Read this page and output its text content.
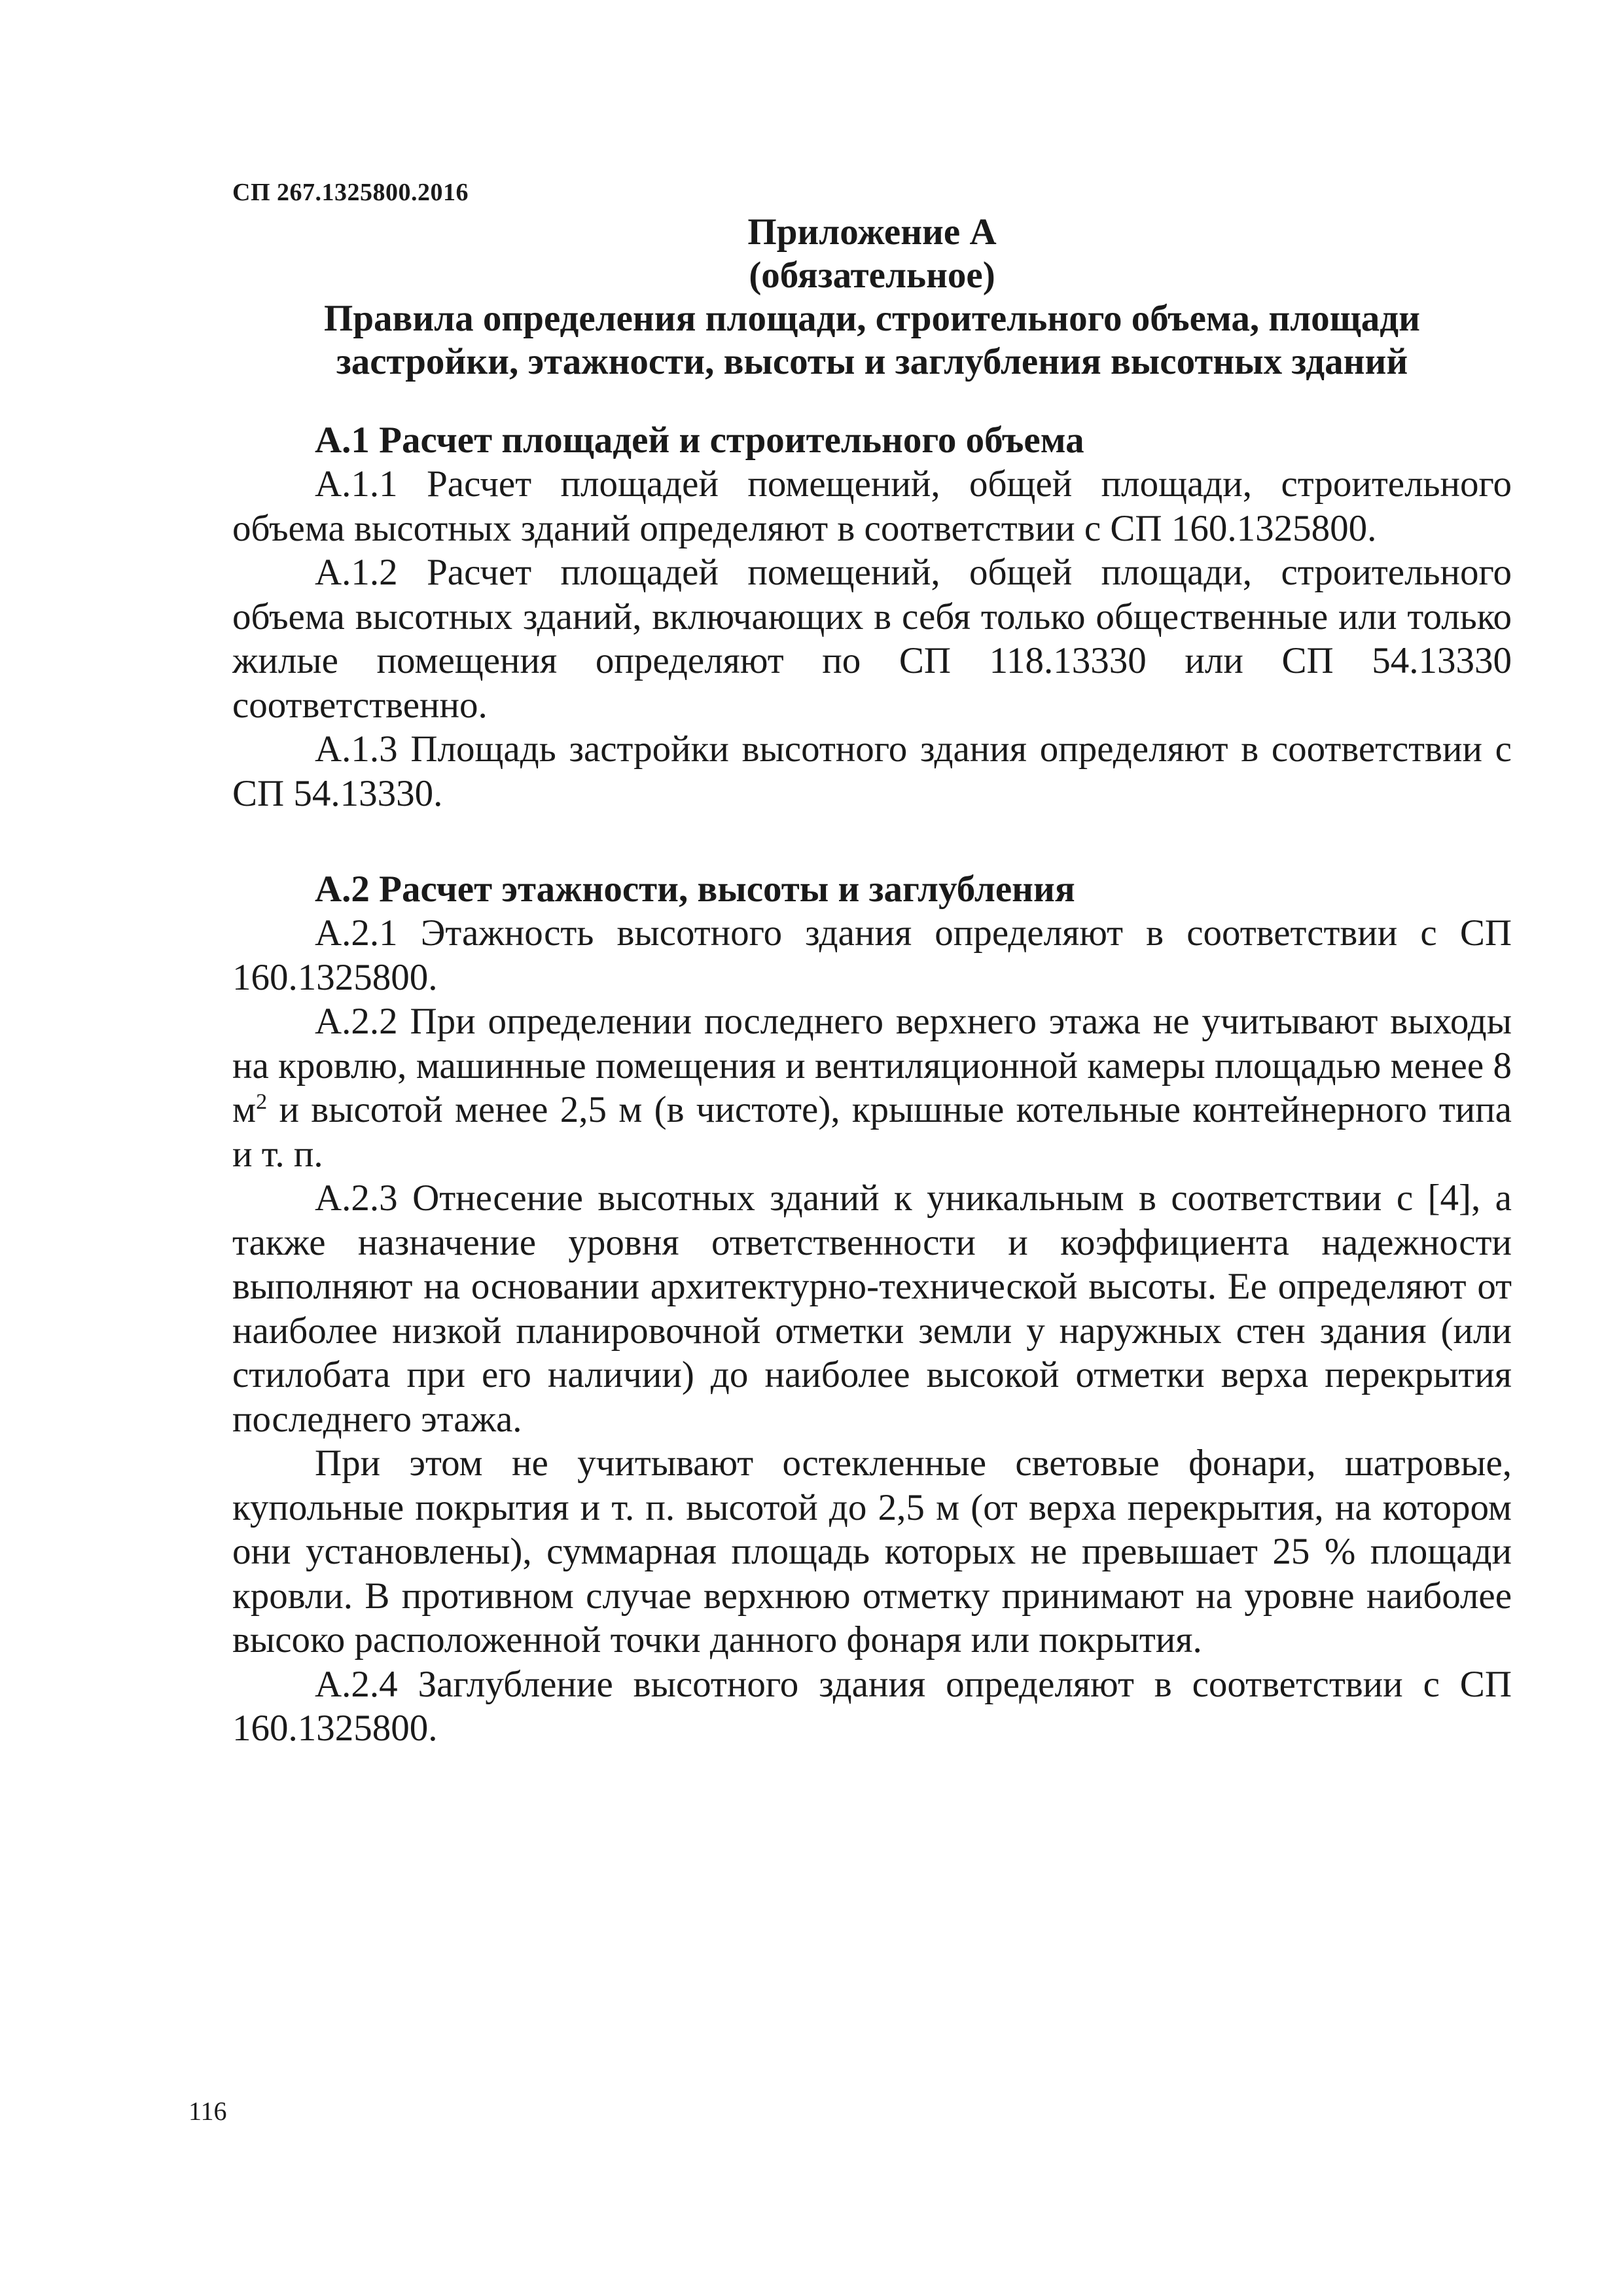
СП 267.1325800.2016

Приложение А

(обязательное)

Правила определения площади, строительного объема, площади

застройки, этажности, высоты и заглубления высотных зданий

А.1 Расчет площадей и строительного объема

А.1.1 Расчет площадей помещений, общей площади, строительного объема высотных зданий определяют в соответствии с СП 160.1325800.

А.1.2 Расчет площадей помещений, общей площади, строительного объема высотных зданий, включающих в себя только общественные или только жилые помещения определяют по СП 118.13330 или СП 54.13330 соответственно.

А.1.3 Площадь застройки высотного здания определяют в соответствии с СП 54.13330.

А.2 Расчет этажности, высоты и заглубления

А.2.1 Этажность высотного здания определяют в соответствии с СП 160.1325800.

А.2.2 При определении последнего верхнего этажа не учитывают выходы на кровлю, машинные помещения и вентиляционной камеры площадью менее 8 $м^2$ и высотой менее 2,5 м (в чистоте), крышные котельные контейнерного типа и т. п.

А.2.3 Отнесение высотных зданий к уникальным в соответствии с [4], а также назначение уровня ответственности и коэффициента надежности выполняют на основании архитектурно-технической высоты. Ее определяют от наиболее низкой планировочной отметки земли у наружных стен здания (или стилобата при его наличии) до наиболее высокой отметки верха перекрытия последнего этажа.

При этом не учитывают остекленные световые фонари, шатровые, купольные покрытия и т. п. высотой до 2,5 м (от верха перекрытия, на котором они установлены), суммарная площадь которых не превышает 25 % площади кровли. В противном случае верхнюю отметку принимают на уровне наиболее высоко расположенной точки данного фонаря или покрытия.

А.2.4 Заглубление высотного здания определяют в соответствии с СП 160.1325800.

116
